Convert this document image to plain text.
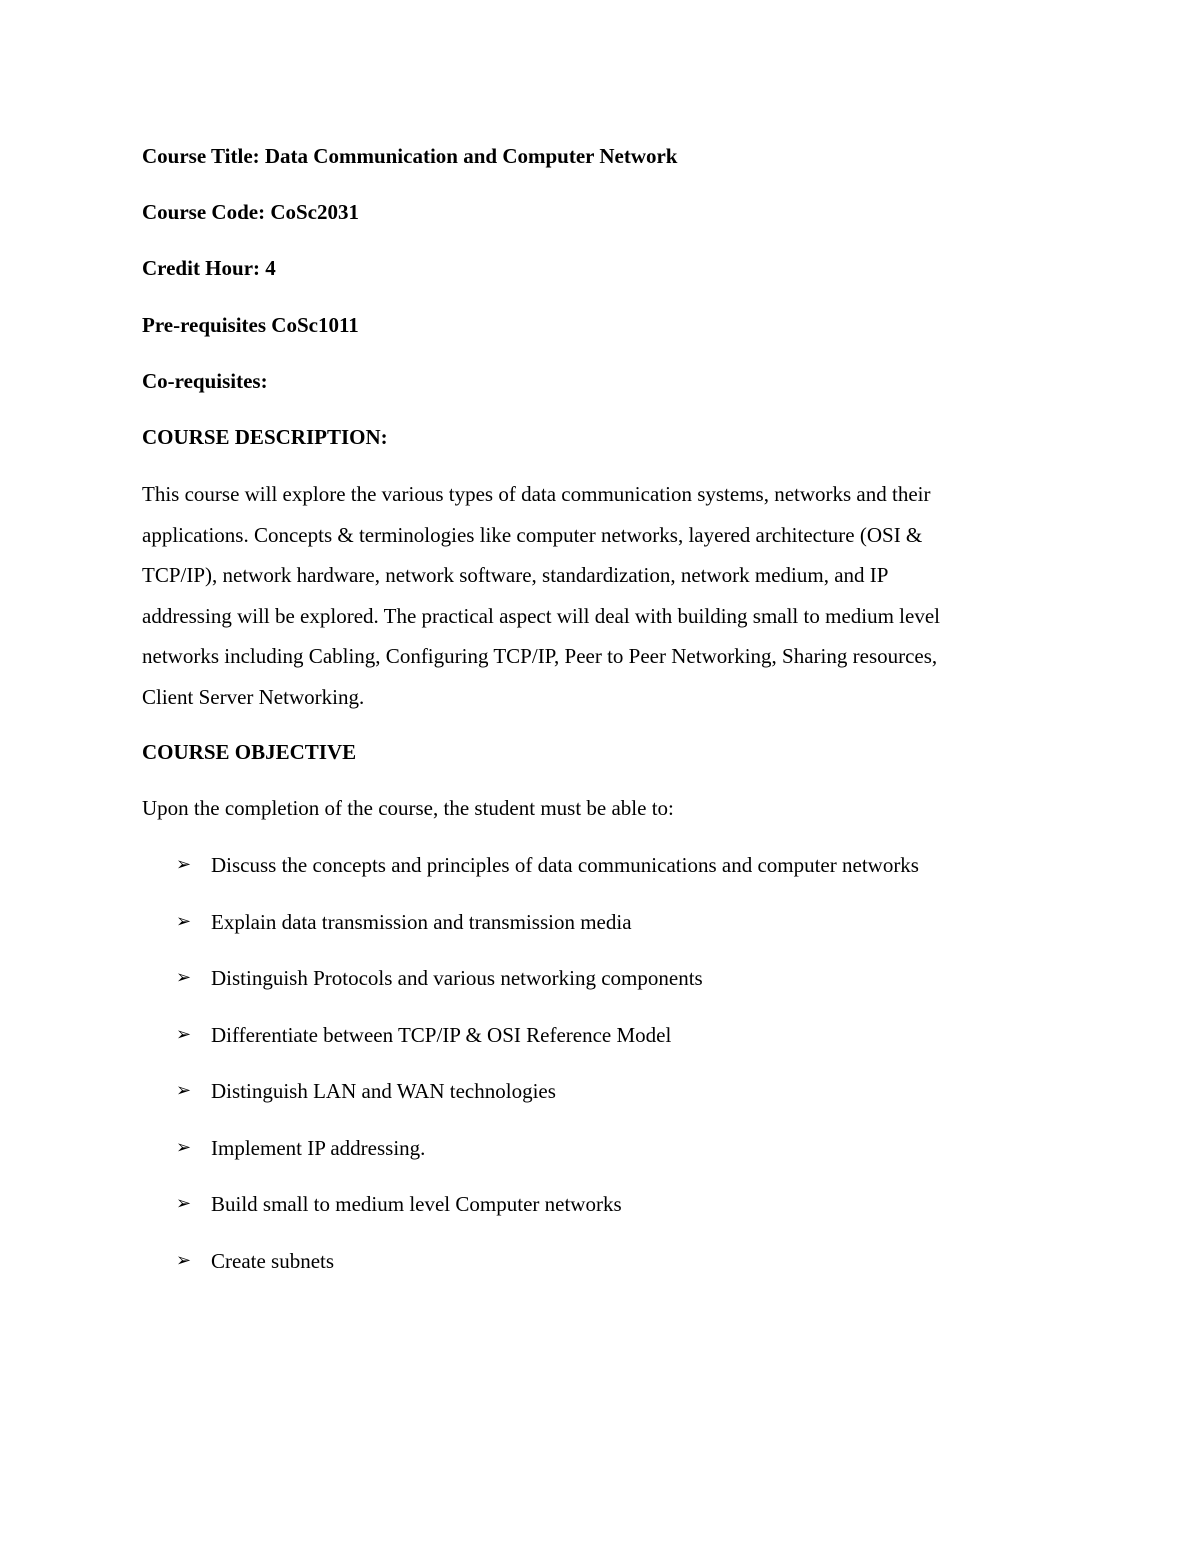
Course Title: Data Communication and Computer Network
Course Code: CoSc2031
Credit Hour: 4
Pre-requisites CoSc1011
Co-requisites:
COURSE DESCRIPTION:
This course will explore the various types of data communication systems, networks and their
applications. Concepts & terminologies like computer networks, layered architecture (OSI &
TCP/IP), network hardware, network software, standardization, network medium, and IP
addressing will be explored. The practical aspect will deal with building small to medium level
networks including Cabling, Configuring TCP/IP, Peer to Peer Networking, Sharing resources,
Client Server Networking.
COURSE OBJECTIVE
Upon the completion of the course, the student must be able to:
➢ Discuss the concepts and principles of data communications and computer networks
➢ Explain data transmission and transmission media
➢ Distinguish Protocols and various networking components
➢ Differentiate between TCP/IP & OSI Reference Model
➢ Distinguish LAN and WAN technologies
➢ Implement IP addressing.
➢ Build small to medium level Computer networks
➢ Create subnets
